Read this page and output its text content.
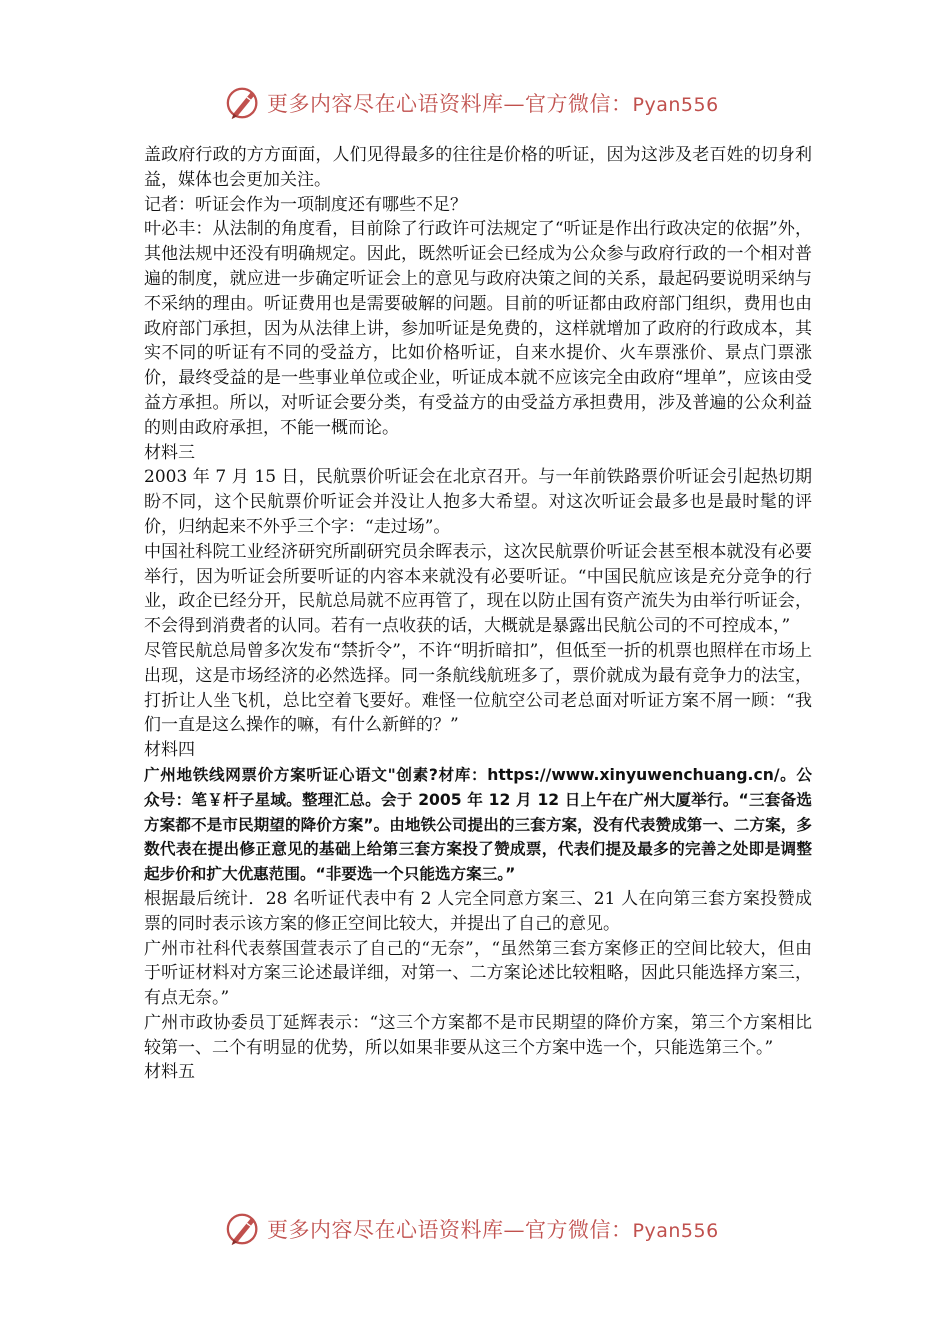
更多内容尽在心语资料库—官方微信：Pyan556

盖政府行政的方方面面，人们见得最多的往往是价格的听证，因为这涉及老百姓的切身利益，媒体也会更加关注。

记者：听证会作为一项制度还有哪些不足？

叶必丰：从法制的角度看，目前除了行政许可法规定了“听证是作出行政决定的依据”外，其他法规中还没有明确规定。因此，既然听证会已经成为公众参与政府行政的一个相对普遍的制度，就应进一步确定听证会上的意见与政府决策之间的关系，最起码要说明采纳与不采纳的理由。听证费用也是需要破解的问题。目前的听证都由政府部门组织，费用也由政府部门承担，因为从法律上讲，参加听证是免费的，这样就增加了政府的行政成本，其实不同的听证有不同的受益方，比如价格听证，自来水提价、火车票涨价、景点门票涨价，最终受益的是一些事业单位或企业，听证成本就不应该完全由政府“埋单”，应该由受益方承担。所以，对听证会要分类，有受益方的由受益方承担费用，涉及普遍的公众利益的则由政府承担，不能一概而论。

材料三

2003 年 7 月 15 日，民航票价听证会在北京召开。与一年前铁路票价听证会引起热切期盼不同，这个民航票价听证会并没让人抱多大希望。对这次听证会最多也是最时髦的评价，归纳起来不外乎三个字：“走过场”。

中国社科院工业经济研究所副研究员余晖表示，这次民航票价听证会甚至根本就没有必要举行，因为听证会所要听证的内容本来就没有必要听证。“中国民航应该是充分竞争的行业，政企已经分开，民航总局就不应再管了，现在以防止国有资产流失为由举行听证会，不会得到消费者的认同。若有一点收获的话，大概就是暴露出民航公司的不可控成本，”

尽管民航总局曾多次发布“禁折令”，不许“明折暗扣”，但低至一折的机票也照样在市场上出现，这是市场经济的必然选择。同一条航线航班多了，票价就成为最有竞争力的法宝，打折让人坐飞机，总比空着飞要好。难怪一位航空公司老总面对听证方案不屑一顾：“我们一直是这么操作的嘛，有什么新鲜的？”

材料四

广州地铁线网票价方案听证心语文"创素?材库：https://www.xinyuwenchuang.cn/。公众号：笔￥杆子星域。整理汇总。会于 2005 年 12 月 12 日上午在广州大厦举行。“三套备选方案都不是市民期望的降价方案”。由地铁公司提出的三套方案，没有代表赞成第一、二方案，多数代表在提出修正意见的基础上给第三套方案投了赞成票，代表们提及最多的完善之处即是调整起步价和扩大优惠范围。“非要选一个只能选方案三。”

根据最后统计．28 名听证代表中有 2 人完全同意方案三、21 人在向第三套方案投赞成票的同时表示该方案的修正空间比较大，并提出了自己的意见。

广州市社科代表蔡国萱表示了自己的“无奈”，“虽然第三套方案修正的空间比较大，但由于听证材料对方案三论述最详细，对第一、二方案论述比较粗略，因此只能选择方案三，有点无奈。”

广州市政协委员丁延辉表示：“这三个方案都不是市民期望的降价方案，第三个方案相比较第一、二个有明显的优势，所以如果非要从这三个方案中选一个，只能选第三个。”

材料五

更多内容尽在心语资料库—官方微信：Pyan556
